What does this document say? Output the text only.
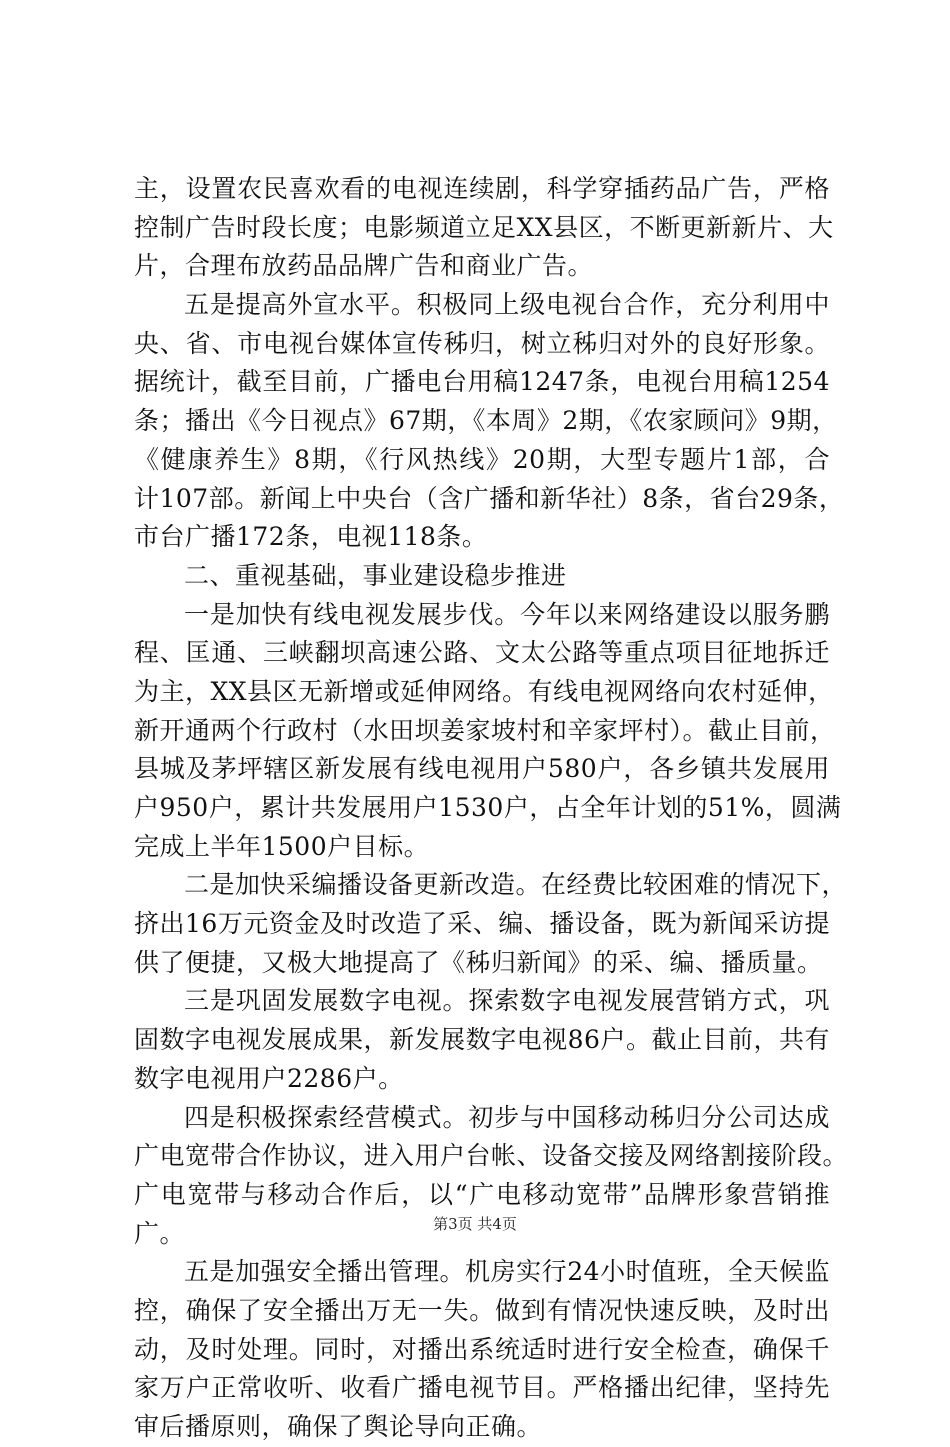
主，设置农民喜欢看的电视连续剧，科学穿插药品广告，严格
控制广告时段长度；电影频道立足XX县区，不断更新新片、大
片，合理布放药品品牌广告和商业广告。
五是提高外宣水平。积极同上级电视台合作，充分利用中
央、省、市电视台媒体宣传秭归，树立秭归对外的良好形象。
据统计，截至目前，广播电台用稿1247条，电视台用稿1254
条；播出《今日视点》67期，《本周》2期，《农家顾问》9期，
《健康养生》8期，《行风热线》20期，大型专题片1部，合
计107部。新闻上中央台（含广播和新华社）8条，省台29条，
市台广播172条，电视118条。
二、重视基础，事业建设稳步推进
一是加快有线电视发展步伐。今年以来网络建设以服务鹏
程、匡通、三峡翻坝高速公路、文太公路等重点项目征地拆迁
为主，XX县区无新增或延伸网络。有线电视网络向农村延伸，
新开通两个行政村（水田坝姜家坡村和辛家坪村）。截止目前，
县城及茅坪辖区新发展有线电视用户580户，各乡镇共发展用
户950户，累计共发展用户1530户，占全年计划的51%，圆满
完成上半年1500户目标。
二是加快采编播设备更新改造。在经费比较困难的情况下，
挤出16万元资金及时改造了采、编、播设备，既为新闻采访提
供了便捷，又极大地提高了《秭归新闻》的采、编、播质量。
三是巩固发展数字电视。探索数字电视发展营销方式，巩
固数字电视发展成果，新发展数字电视86户。截止目前，共有
数字电视用户2286户。
四是积极探索经营模式。初步与中国移动秭归分公司达成
广电宽带合作协议，进入用户台帐、设备交接及网络割接阶段。
广电宽带与移动合作后，以“广电移动宽带”品牌形象营销推
广。
五是加强安全播出管理。机房实行24小时值班，全天候监
控，确保了安全播出万无一失。做到有情况快速反映，及时出
动，及时处理。同时，对播出系统适时进行安全检查，确保千
家万户正常收听、收看广播电视节目。严格播出纪律，坚持先
审后播原则，确保了舆论导向正确。
第3页 共4页
